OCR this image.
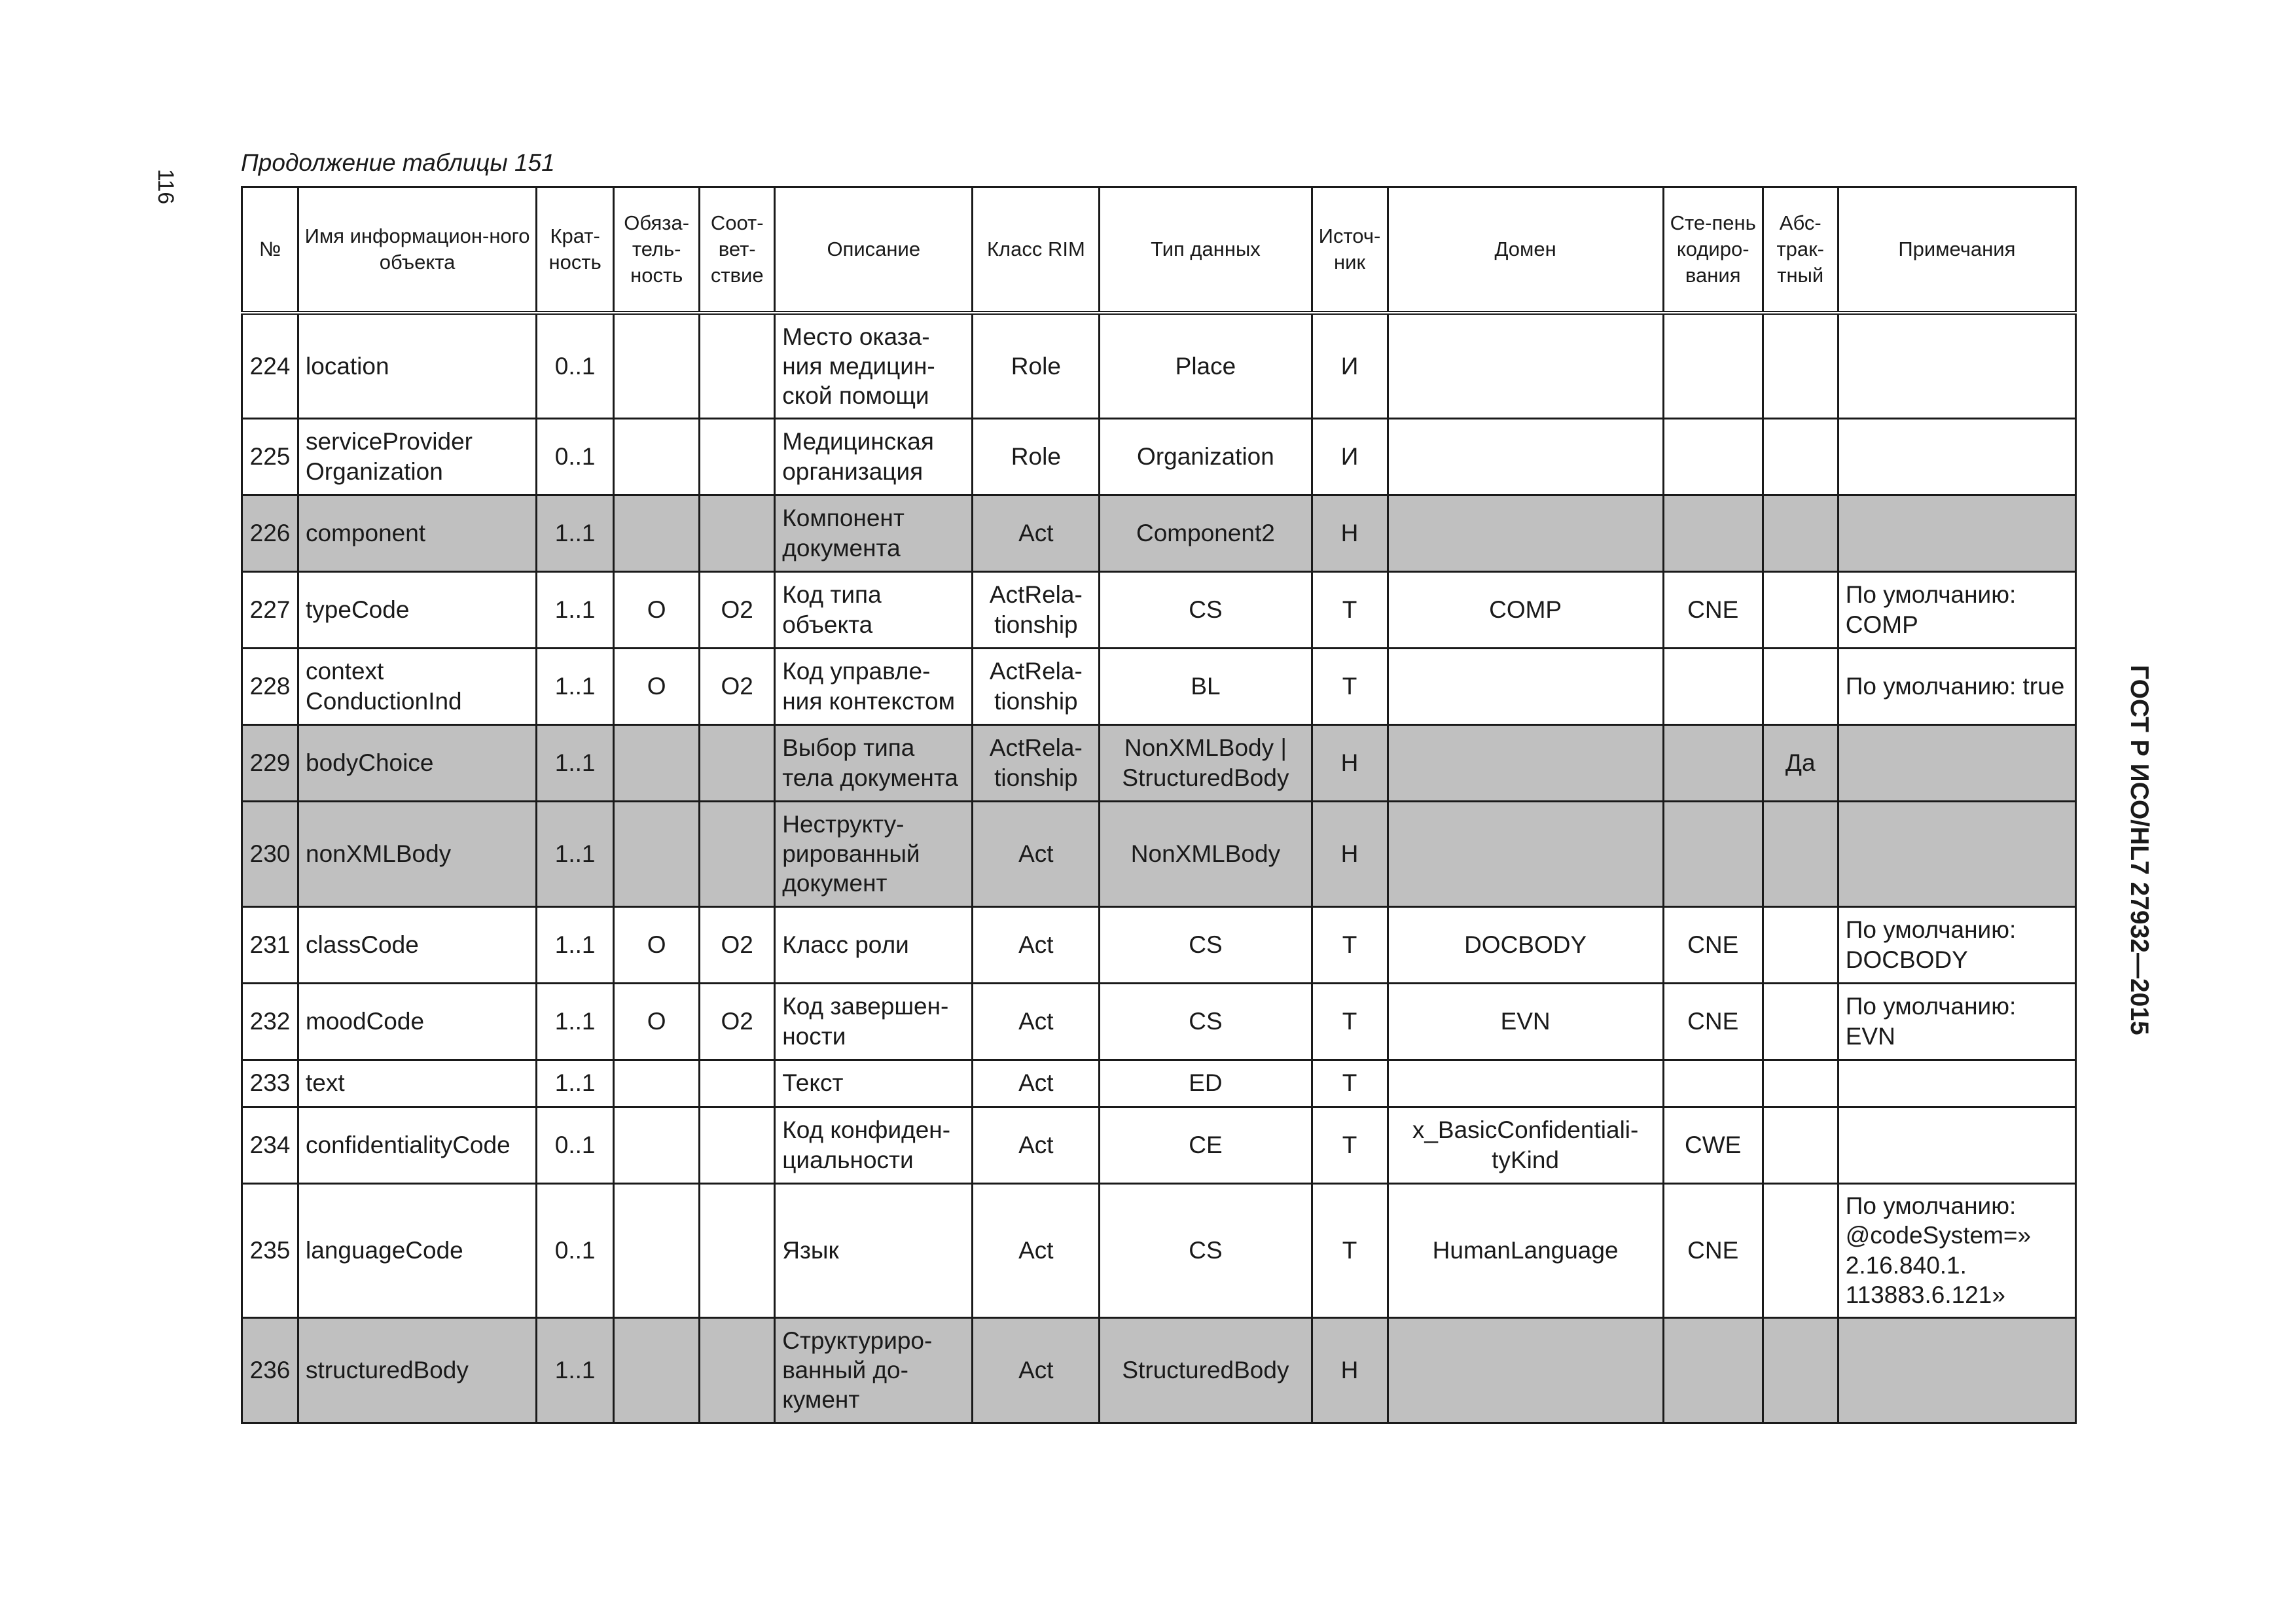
116
ГОСТ Р ИСО/HL7 27932—2015
Продолжение таблицы 151
№	Имя информацион-ного объекта	Крат-ность	Обяза-тель-ность	Соот-вет-ствие	Описание	Класс RIM	Тип данных	Источ-ник	Домен	Сте-пень кодиро-вания	Абс-трак-тный	Примечания
224	location	0..1			Место оказа-ния медицин-ской помощи	Role	Place	И				
225	serviceProvider Organization	0..1			Медицинская организация	Role	Organization	И				
226	component	1..1			Компонент документа	Act	Component2	Н				
227	typeCode	1..1	О	О2	Код типа объекта	ActRela-tionship	CS	Т	COMP	CNE		По умолчанию: COMP
228	context ConductionInd	1..1	О	О2	Код управле-ния контекстом	ActRela-tionship	BL	Т				По умолчанию: true
229	bodyChoice	1..1			Выбор типа тела документа	ActRela-tionship	NonXMLBody | StructuredBody	Н			Да	
230	nonXMLBody	1..1			Неструкту-рированный документ	Act	NonXMLBody	Н				
231	classCode	1..1	О	О2	Класс роли	Act	CS	Т	DOCBODY	CNE		По умолчанию: DOCBODY
232	moodCode	1..1	О	О2	Код завершен-ности	Act	CS	Т	EVN	CNE		По умолчанию: EVN
233	text	1..1			Текст	Act	ED	Т				
234	confidentialityCode	0..1			Код конфиден-циальности	Act	CE	Т	x_BasicConfidentiali-tyKind	CWE		
235	languageCode	0..1			Язык	Act	CS	Т	HumanLanguage	CNE		По умолчанию: @codeSystem=» 2.16.840.1. 113883.6.121»
236	structuredBody	1..1			Структуриро-ванный до-кумент	Act	StructuredBody	Н				
